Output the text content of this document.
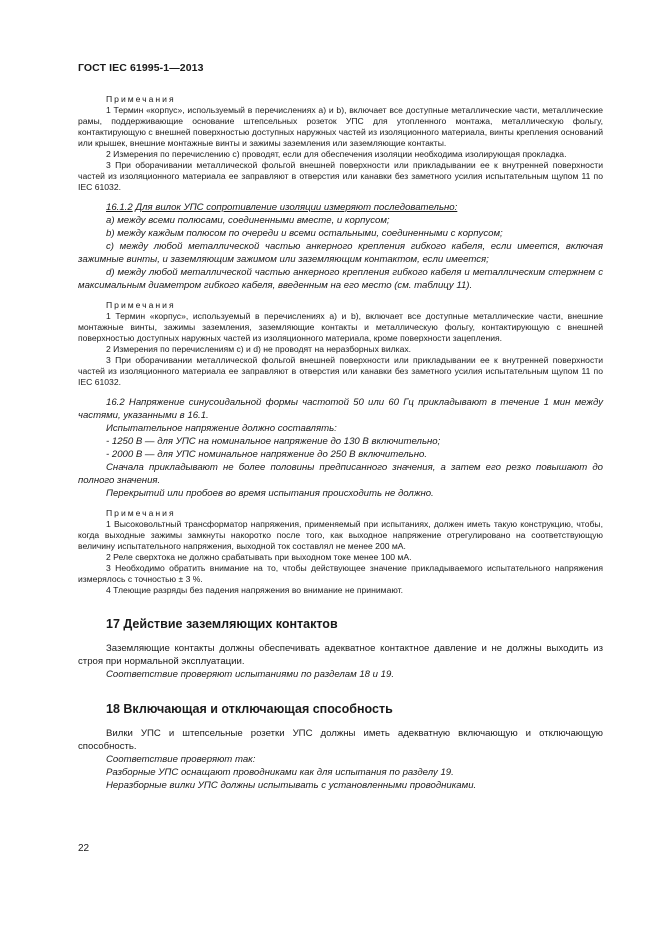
ГОСТ IEC 61995-1—2013

Примечания

1 Термин «корпус», используемый в перечислениях а) и b), включает все доступные металлические части, металлические рамы, поддерживающие основание штепсельных розеток УПС для утопленного монтажа, металлическую фольгу, контактирующую с внешней поверхностью доступных наружных частей из изоляционного материала, винты крепления оснований или крышек, внешние монтажные винты и зажимы заземления или заземляющие контакты.

2 Измерения по перечислению с) проводят, если для обеспечения изоляции необходима изолирующая прокладка.

3 При оборачивании металлической фольгой внешней поверхности или прикладывании ее к внутренней поверхности частей из изоляционного материала ее заправляют в отверстия или канавки без заметного усилия испытательным щупом 11 по IEC 61032.

16.1.2 Для вилок УПС сопротивление изоляции измеряют последовательно:

а) между всеми полюсами, соединенными вместе, и корпусом;

b) между каждым полюсом по очереди и всеми остальными, соединенными с корпусом;

с) между любой металлической частью анкерного крепления гибкого кабеля, если имеется, включая зажимные винты, и заземляющим зажимом или заземляющим контактом, если имеется;

d) между любой металлической частью анкерного крепления гибкого кабеля и металлическим стержнем с максимальным диаметром гибкого кабеля, введенным на его место (см. таблицу 11).

Примечания

1 Термин «корпус», используемый в перечислениях а) и b), включает все доступные металлические части, внешние монтажные винты, зажимы заземления, заземляющие контакты и металлическую фольгу, контактирующую с внешней поверхностью доступных наружных частей из изоляционного материала, кроме поверхности зацепления.

2 Измерения по перечислениям с) и d) не проводят на неразборных вилках.

3 При оборачивании металлической фольгой внешней поверхности или прикладывании ее к внутренней поверхности частей из изоляционного материала ее заправляют в отверстия или канавки без заметного усилия испытательным щупом 11 по IEC 61032.

16.2 Напряжение синусоидальной формы частотой 50 или 60 Гц прикладывают в течение 1 мин между частями, указанными в 16.1.

Испытательное напряжение должно составлять:

- 1250 В — для УПС на номинальное напряжение до 130 В включительно;

- 2000 В — для УПС номинальное напряжение до 250 В включительно.

Сначала прикладывают не более половины предписанного значения, а затем его резко повышают до полного значения.

Перекрытий или пробоев во время испытания происходить не должно.

Примечания

1 Высоковольтный трансформатор напряжения, применяемый при испытаниях, должен иметь такую конструкцию, чтобы, когда выходные зажимы замкнуты накоротко после того, как выходное напряжение отрегулировано на соответствующую величину испытательного напряжения, выходной ток составлял не менее 200 мА.

2 Реле сверхтока не должно срабатывать при выходном токе менее 100 мА.

3 Необходимо обратить внимание на то, чтобы действующее значение прикладываемого испытательного напряжения измерялось с точностью ± 3 %.

4 Тлеющие разряды без падения напряжения во внимание не принимают.

17 Действие заземляющих контактов

Заземляющие контакты должны обеспечивать адекватное контактное давление и не должны выходить из строя при нормальной эксплуатации.

Соответствие проверяют испытаниями по разделам 18 и 19.

18 Включающая и отключающая способность

Вилки УПС и штепсельные розетки УПС должны иметь адекватную включающую и отключающую способность.

Соответствие проверяют так:

Разборные УПС оснащают проводниками как для испытания по разделу 19.

Неразборные вилки УПС должны испытывать с установленными проводниками.

22
